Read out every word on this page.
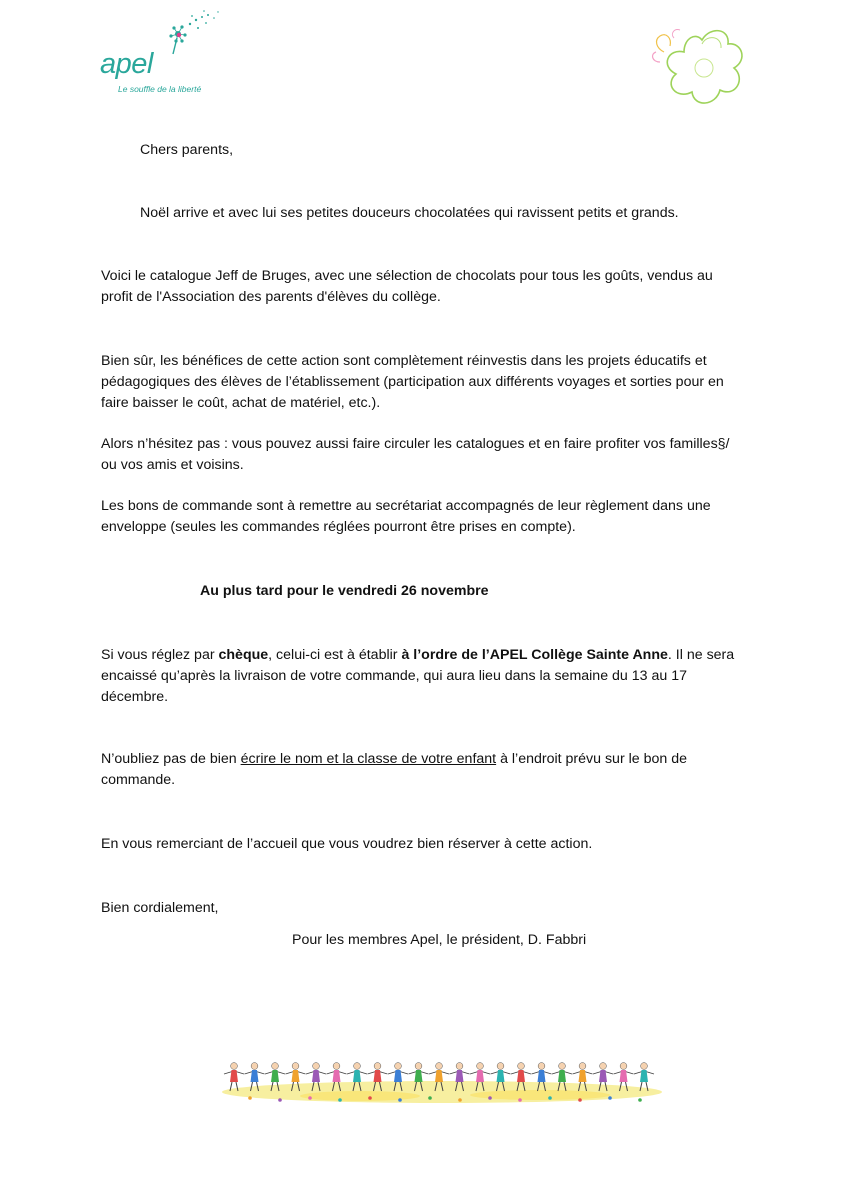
apel
Le souffle de la liberté
Chers parents,
Noël arrive et avec lui ses petites douceurs chocolatées qui ravissent petits et grands.
Voici le catalogue Jeff de Bruges, avec une sélection de chocolats pour tous les goûts, vendus au
profit de l'Association des parents d'élèves du collège.
Bien sûr, les bénéfices de cette action sont complètement réinvestis dans les projets éducatifs et
pédagogiques des élèves de l’établissement (participation aux différents voyages et sorties pour en
faire baisser le coût, achat de matériel, etc.).
Alors n’hésitez pas : vous pouvez aussi faire circuler les catalogues et en faire profiter vos familles§/
ou vos amis et voisins.
Les bons de commande sont à remettre au secrétariat accompagnés de leur règlement dans une
enveloppe (seules les commandes réglées pourront être prises en compte).
Au plus tard pour le vendredi 26 novembre
Si vous réglez par chèque, celui-ci est à établir à l’ordre de l’APEL Collège Sainte Anne. Il ne sera
encaissé qu’après la livraison de votre commande, qui aura lieu dans la semaine du 13 au 17
décembre.
N’oubliez pas de bien écrire le nom et la classe de votre enfant à l’endroit prévu sur le bon de
commande.
En vous remerciant de l’accueil que vous voudrez bien réserver à cette action.
Bien cordialement,
Pour les membres Apel, le président, D. Fabbri
